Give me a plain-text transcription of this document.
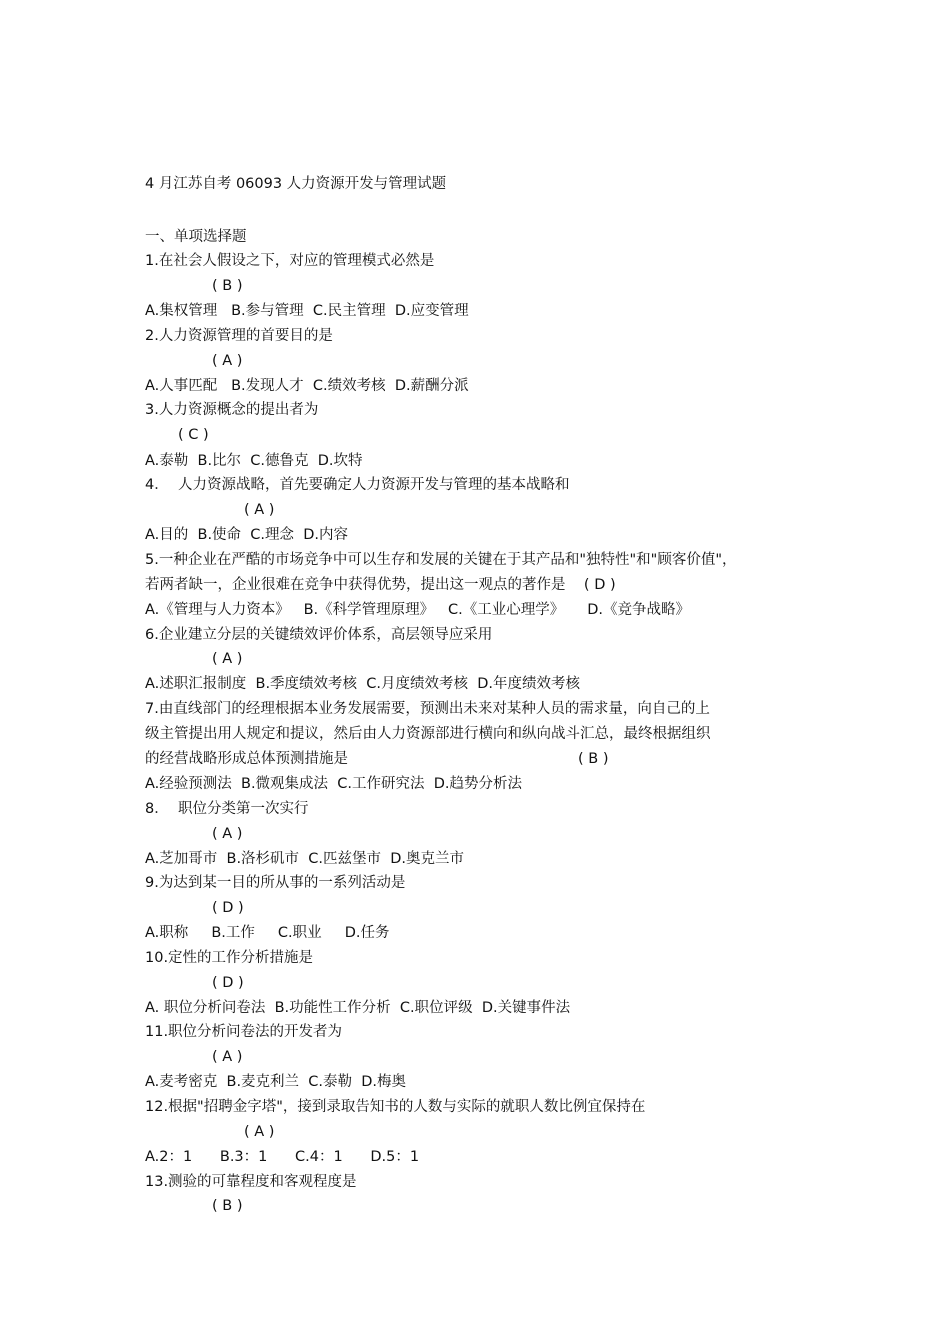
4 月江苏自考 06093 人力资源开发与管理试题
一、单项选择题
1.在社会人假设之下，对应的管理模式必然是
( B )
A.集权管理   B.参与管理  C.民主管理  D.应变管理
2.人力资源管理的首要目的是
( A )
A.人事匹配   B.发现人才  C.绩效考核  D.薪酬分派
3.人力资源概念的提出者为
( C )
A.泰勒  B.比尔  C.德鲁克  D.坎特
4．  人力资源战略，首先要确定人力资源开发与管理的基本战略和
( A )
A.目的  B.使命  C.理念  D.内容
5.一种企业在严酷的市场竞争中可以生存和发展的关键在于其产品和"独特性"和"顾客价值"，
若两者缺一，企业很难在竞争中获得优势，提出这一观点的著作是    ( D )
A.《管理与人力资本》   B.《科学管理原理》   C.《工业心理学》     D.《竞争战略》
6.企业建立分层的关键绩效评价体系，高层领导应采用
( A )
A.述职汇报制度  B.季度绩效考核  C.月度绩效考核  D.年度绩效考核
7.由直线部门的经理根据本业务发展需要，预测出未来对某种人员的需求量，向自己的上
级主管提出用人规定和提议，然后由人力资源部进行横向和纵向战斗汇总，最终根据组织
的经营战略形成总体预测措施是	( B )
A.经验预测法  B.微观集成法  C.工作研究法  D.趋势分析法
8．  职位分类第一次实行
( A )
A.芝加哥市  B.洛杉矶市  C.匹兹堡市  D.奥克兰市
9.为达到某一目的所从事的一系列活动是
( D )
A.职称     B.工作     C.职业     D.任务
10.定性的工作分析措施是
( D )
A. 职位分析问卷法  B.功能性工作分析  C.职位评级  D.关键事件法
11.职位分析问卷法的开发者为
( A )
A.麦考密克  B.麦克利兰  C.泰勒  D.梅奥
12.根据"招聘金字塔"，接到录取告知书的人数与实际的就职人数比例宜保持在
( A )
A.2：1      B.3：1      C.4：1      D.5：1
13.测验的可靠程度和客观程度是
( B )
